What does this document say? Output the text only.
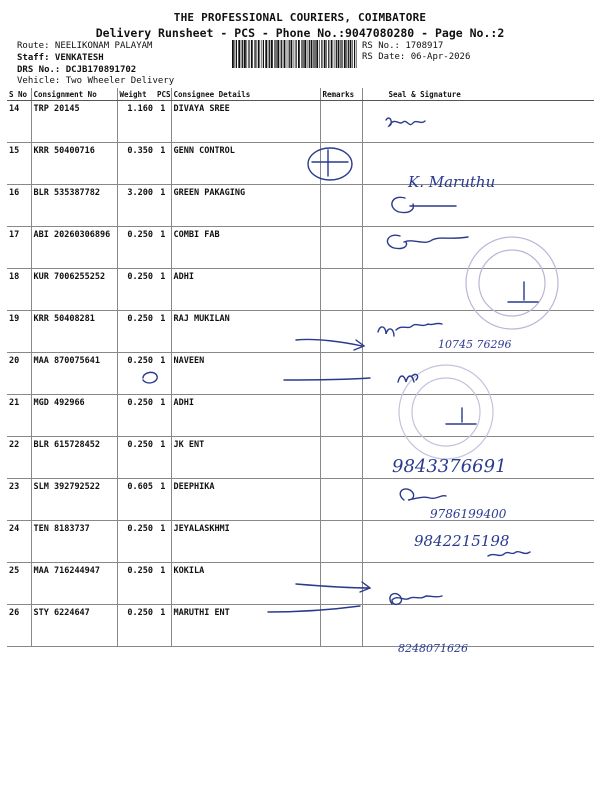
THE PROFESSIONAL COURIERS, COIMBATORE
Delivery Runsheet - PCS - Phone No.:9047080280 - Page No.:2
Route: NEELIKONAM PALAYAM
Staff: VENKATESH
DRS No.: DCJB170891702
Vehicle: Two Wheeler Delivery
RS No.: 1708917
RS Date: 06-Apr-2026
S No	Consignment No	Weight	PCS	Consignee Details	Remarks	Seal & Signature
14	TRP 20145	1.160	1	DIVAYA SREE		
15	KRR 50400716	0.350	1	GENN CONTROL		
16	BLR 535387782	3.200	1	GREEN PAKAGING		
17	ABI 20260306896	0.250	1	COMBI FAB		
18	KUR 7006255252	0.250	1	ADHI		
19	KRR 50408281	0.250	1	RAJ MUKILAN		
20	MAA 870075641	0.250	1	NAVEEN		
21	MGD 492966	0.250	1	ADHI		
22	BLR 615728452	0.250	1	JK ENT		
23	SLM 392792522	0.605	1	DEEPHIKA		
24	TEN 8183737	0.250	1	JEYALASKHMI		
25	MAA 716244947	0.250	1	KOKILA		
26	STY 6224647	0.250	1	MARUTHI ENT		
K. Maruthu
10745 76296
9843376691
9786199400
9842215198
8248071626
